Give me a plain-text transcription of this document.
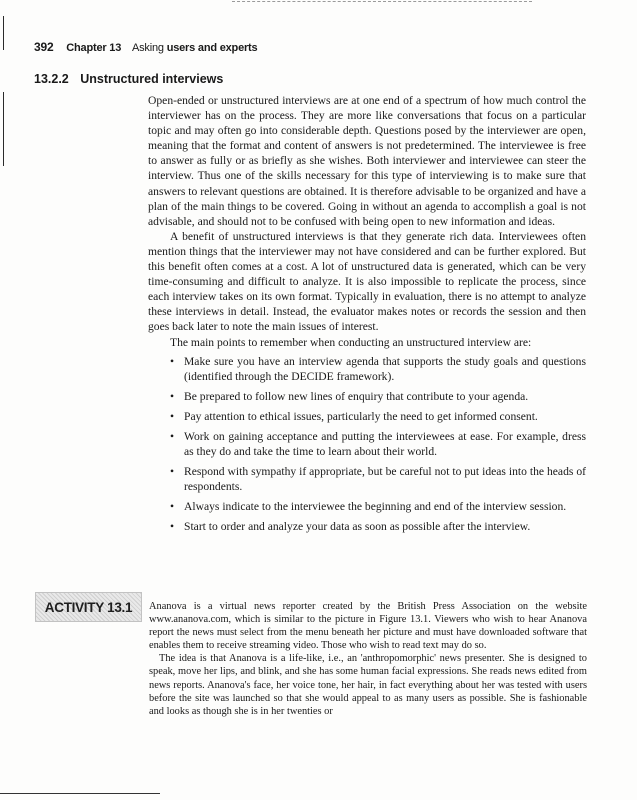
392 Chapter 13 Asking users and experts
13.2.2 Unstructured interviews

Open-ended or unstructured interviews are at one end of a spectrum of how much control the interviewer has on the process. They are more like conversations that focus on a particular topic and may often go into considerable depth. Questions posed by the interviewer are open, meaning that the format and content of answers is not predetermined. The interviewee is free to answer as fully or as briefly as she wishes. Both interviewer and interviewee can steer the interview. Thus one of the skills necessary for this type of interviewing is to make sure that answers to relevant questions are obtained. It is therefore advisable to be organized and have a plan of the main things to be covered. Going in without an agenda to accomplish a goal is not advisable, and should not to be confused with being open to new information and ideas.

A benefit of unstructured interviews is that they generate rich data. Interviewees often mention things that the interviewer may not have considered and can be further explored. But this benefit often comes at a cost. A lot of unstructured data is generated, which can be very time-consuming and difficult to analyze. It is also impossible to replicate the process, since each interview takes on its own format. Typically in evaluation, there is no attempt to analyze these interviews in detail. Instead, the evaluator makes notes or records the session and then goes back later to note the main issues of interest.

The main points to remember when conducting an unstructured interview are:

• Make sure you have an interview agenda that supports the study goals and questions (identified through the DECIDE framework).
• Be prepared to follow new lines of enquiry that contribute to your agenda.
• Pay attention to ethical issues, particularly the need to get informed consent.
• Work on gaining acceptance and putting the interviewees at ease. For example, dress as they do and take the time to learn about their world.
• Respond with sympathy if appropriate, but be careful not to put ideas into the heads of respondents.
• Always indicate to the interviewee the beginning and end of the interview session.
• Start to order and analyze your data as soon as possible after the interview.
ACTIVITY 13.1	Ananova is a virtual news reporter created by the British Press Association on the website www.ananova.com, which is similar to the picture in Figure 13.1. Viewers who wish to hear Ananova report the news must select from the menu beneath her picture and must have downloaded software that enables them to receive streaming video. Those who wish to read text may do so.

The idea is that Ananova is a life-like, i.e., an 'anthropomorphic' news presenter. She is designed to speak, move her lips, and blink, and she has some human facial expressions. She reads news edited from news reports. Ananova's face, her voice tone, her hair, in fact everything about her was tested with users before the site was launched so that she would appeal to as many users as possible. She is fashionable and looks as though she is in her twenties or
